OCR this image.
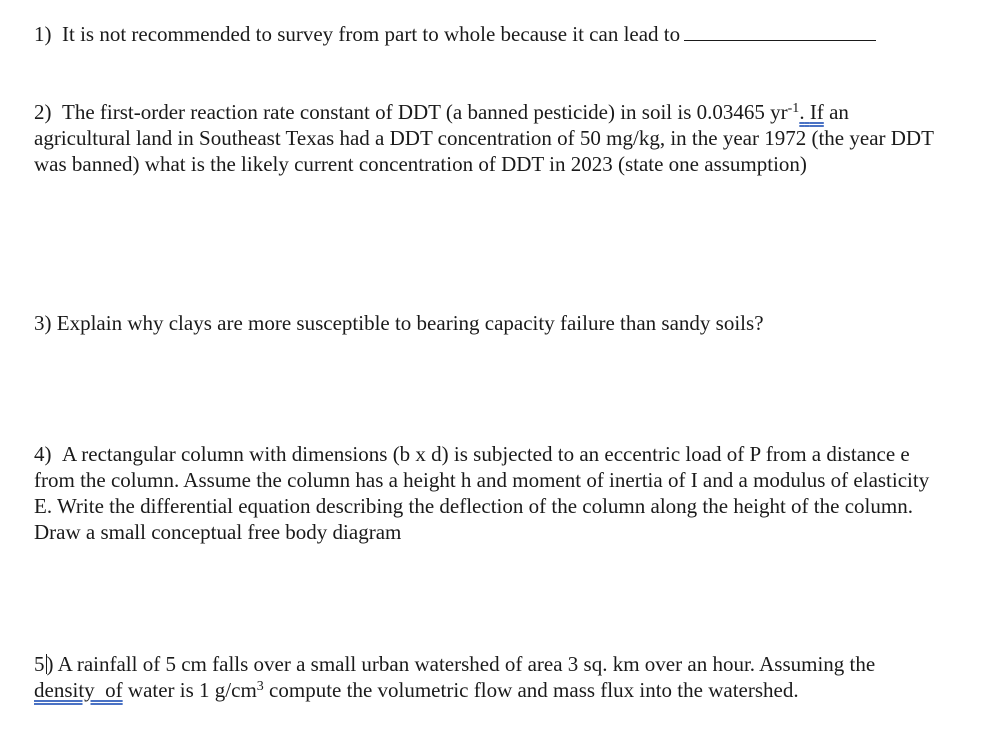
1) It is not recommended to survey from part to whole because it can lead to

2) The first-order reaction rate constant of DDT (a banned pesticide) in soil is 0.03465 $yr^{-1}$. If an agricultural land in Southeast Texas had a DDT concentration of 50 mg/kg, in the year 1972 (the year DDT was banned) what is the likely current concentration of DDT in 2023 (state one assumption)

3) Explain why clays are more susceptible to bearing capacity failure than sandy soils?

4) A rectangular column with dimensions (b x d) is subjected to an eccentric load of P from a distance e from the column. Assume the column has a height h and moment of inertia of I and a modulus of elasticity E. Write the differential equation describing the deflection of the column along the height of the column. Draw a small conceptual free body diagram

5) A rainfall of 5 cm falls over a small urban watershed of area 3 sq. km over an hour. Assuming the density  of water is 1 $g/cm^3$ compute the volumetric flow and mass flux into the watershed.
